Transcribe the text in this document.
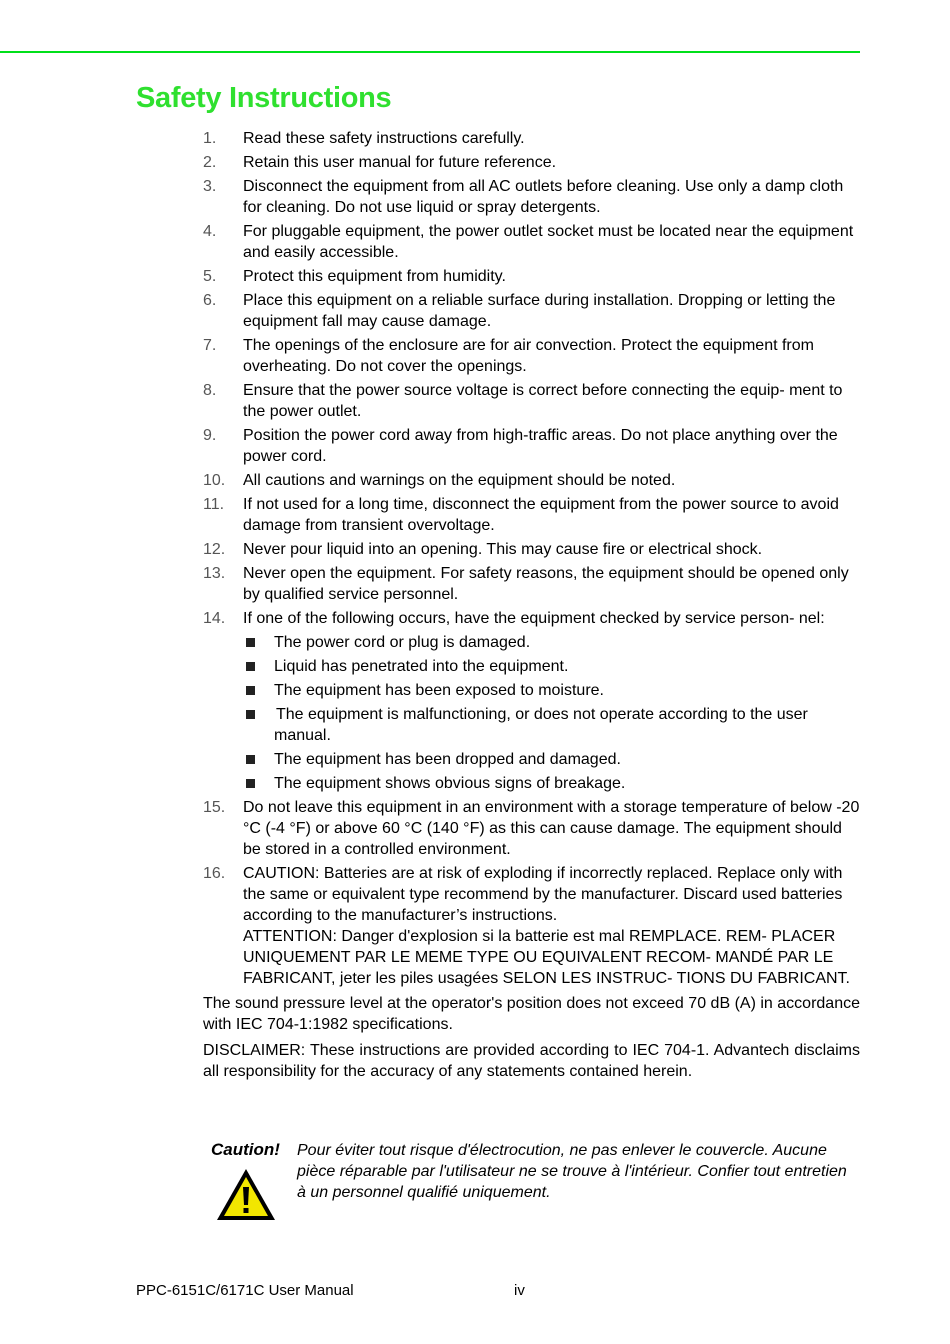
Safety Instructions
1. Read these safety instructions carefully.
2. Retain this user manual for future reference.
3. Disconnect the equipment from all AC outlets before cleaning. Use only a damp cloth for cleaning. Do not use liquid or spray detergents.
4. For pluggable equipment, the power outlet socket must be located near the equipment and easily accessible.
5. Protect this equipment from humidity.
6. Place this equipment on a reliable surface during installation. Dropping or letting the equipment fall may cause damage.
7. The openings of the enclosure are for air convection. Protect the equipment from overheating. Do not cover the openings.
8. Ensure that the power source voltage is correct before connecting the equip- ment to the power outlet.
9. Position the power cord away from high-traffic areas. Do not place anything over the power cord.
10. All cautions and warnings on the equipment should be noted.
11. If not used for a long time, disconnect the equipment from the power source to avoid damage from transient overvoltage.
12. Never pour liquid into an opening. This may cause fire or electrical shock.
13. Never open the equipment. For safety reasons, the equipment should be opened only by qualified service personnel.
14. If one of the following occurs, have the equipment checked by service person- nel:
The power cord or plug is damaged.
Liquid has penetrated into the equipment.
The equipment has been exposed to moisture.
The equipment is malfunctioning, or does not operate according to the user manual.
The equipment has been dropped and damaged.
The equipment shows obvious signs of breakage.
15. Do not leave this equipment in an environment with a storage temperature of below -20 °C (-4 °F) or above 60 °C (140 °F) as this can cause damage. The equipment should be stored in a controlled environment.
16. CAUTION: Batteries are at risk of exploding if incorrectly replaced. Replace only with the same or equivalent type recommend by the manufacturer. Discard used batteries according to the manufacturer’s instructions.
ATTENTION: Danger d'explosion si la batterie est mal REMPLACE. REM- PLACER UNIQUEMENT PAR LE MEME TYPE OU EQUIVALENT RECOM- MANDÉ PAR LE FABRICANT, jeter les piles usagées SELON LES INSTRUC- TIONS DU FABRICANT.

The sound pressure level at the operator's position does not exceed 70 dB (A) in accordance with IEC 704-1:1982 specifications.

DISCLAIMER: These instructions are provided according to IEC 704-1. Advantech disclaims all responsibility for the accuracy of any statements contained herein.

Caution! Pour éviter tout risque d'électrocution, ne pas enlever le couvercle. Aucune pièce réparable par l'utilisateur ne se trouve à l'intérieur. Confier tout entretien à un personnel qualifié uniquement.
PPC-6151C/6171C User Manual	iv
